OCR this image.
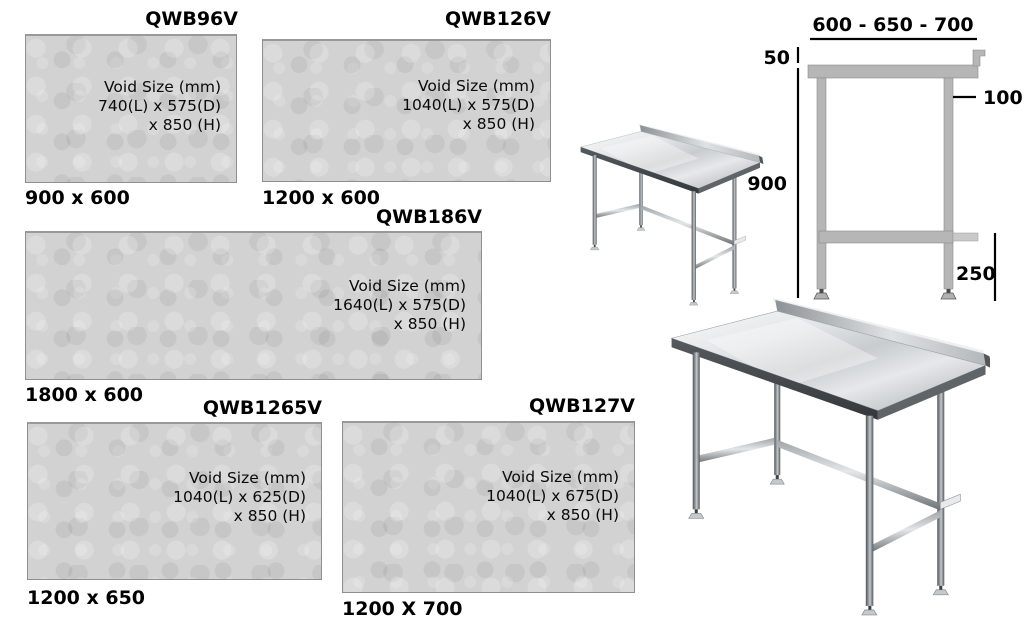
QWB96V
Void Size (mm)
740(L) x 575(D)
x 850 (H)
900 x 600
QWB126V
Void Size (mm)
1040(L) x 575(D)
x 850 (H)
1200 x 600
QWB186V
Void Size (mm)
1640(L) x 575(D)
x 850 (H)
1800 x 600
QWB1265V
Void Size (mm)
1040(L) x 625(D)
x 850 (H)
1200 x 650
QWB127V
Void Size (mm)
1040(L) x 675(D)
x 850 (H)
1200 X 700
600 - 650 - 700
50
900
100
250
